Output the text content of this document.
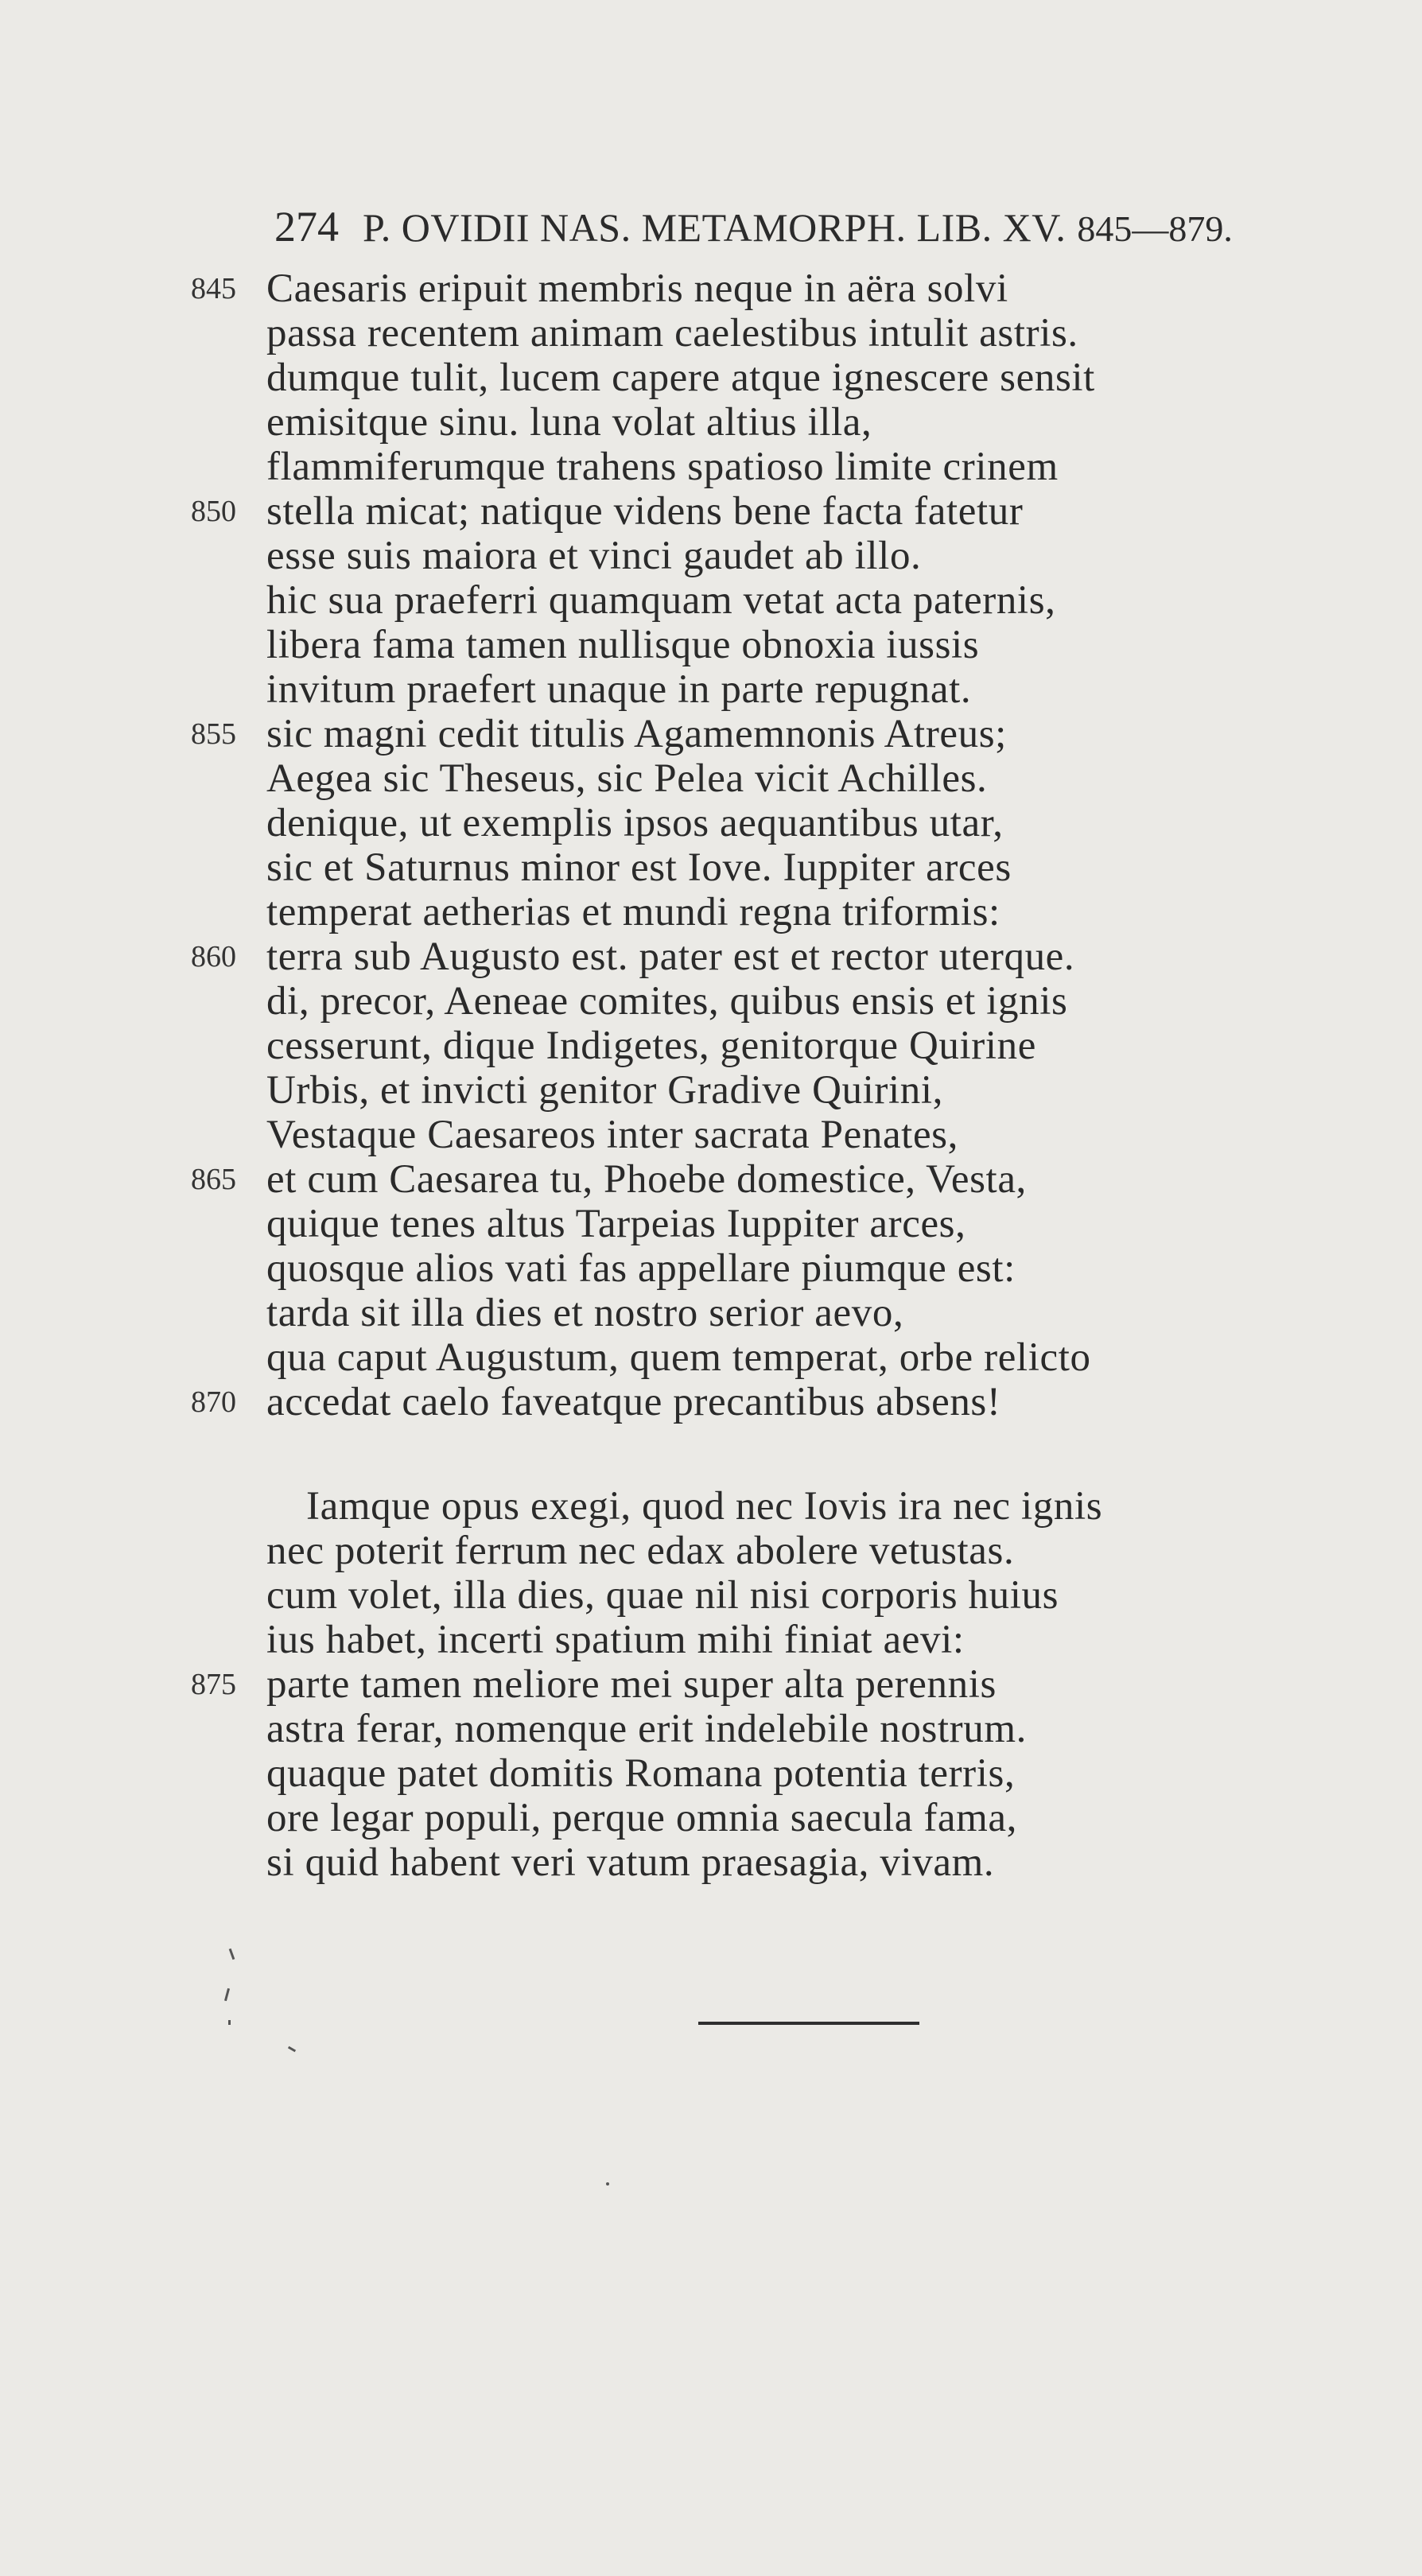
274 P. OVIDII NAS. METAMORPH. LIB. XV. 845—879.
845 Caesaris eripuit membris neque in aëra solvi
passa recentem animam caelestibus intulit astris.
dumque tulit, lucem capere atque ignescere sensit
emisitque sinu. luna volat altius illa,
flammiferumque trahens spatioso limite crinem
850 stella micat; natique videns bene facta fatetur
esse suis maiora et vinci gaudet ab illo.
hic sua praeferri quamquam vetat acta paternis,
libera fama tamen nullisque obnoxia iussis
invitum praefert unaque in parte repugnat.
855 sic magni cedit titulis Agamemnonis Atreus;
Aegea sic Theseus, sic Pelea vicit Achilles.
denique, ut exemplis ipsos aequantibus utar,
sic et Saturnus minor est Iove. Iuppiter arces
temperat aetherias et mundi regna triformis:
860 terra sub Augusto est. pater est et rector uterque.
di, precor, Aeneae comites, quibus ensis et ignis
cesserunt, dique Indigetes, genitorque Quirine
Urbis, et invicti genitor Gradive Quirini,
Vestaque Caesareos inter sacrata Penates,
865 et cum Caesarea tu, Phoebe domestice, Vesta,
quique tenes altus Tarpeias Iuppiter arces,
quosque alios vati fas appellare piumque est:
tarda sit illa dies et nostro serior aevo,
qua caput Augustum, quem temperat, orbe relicto
870 accedat caelo faveatque precantibus absens!
Iamque opus exegi, quod nec Iovis ira nec ignis
nec poterit ferrum nec edax abolere vetustas.
cum volet, illa dies, quae nil nisi corporis huius
ius habet, incerti spatium mihi finiat aevi:
875 parte tamen meliore mei super alta perennis
astra ferar, nomenque erit indelebile nostrum.
quaque patet domitis Romana potentia terris,
ore legar populi, perque omnia saecula fama,
si quid habent veri vatum praesagia, vivam.
